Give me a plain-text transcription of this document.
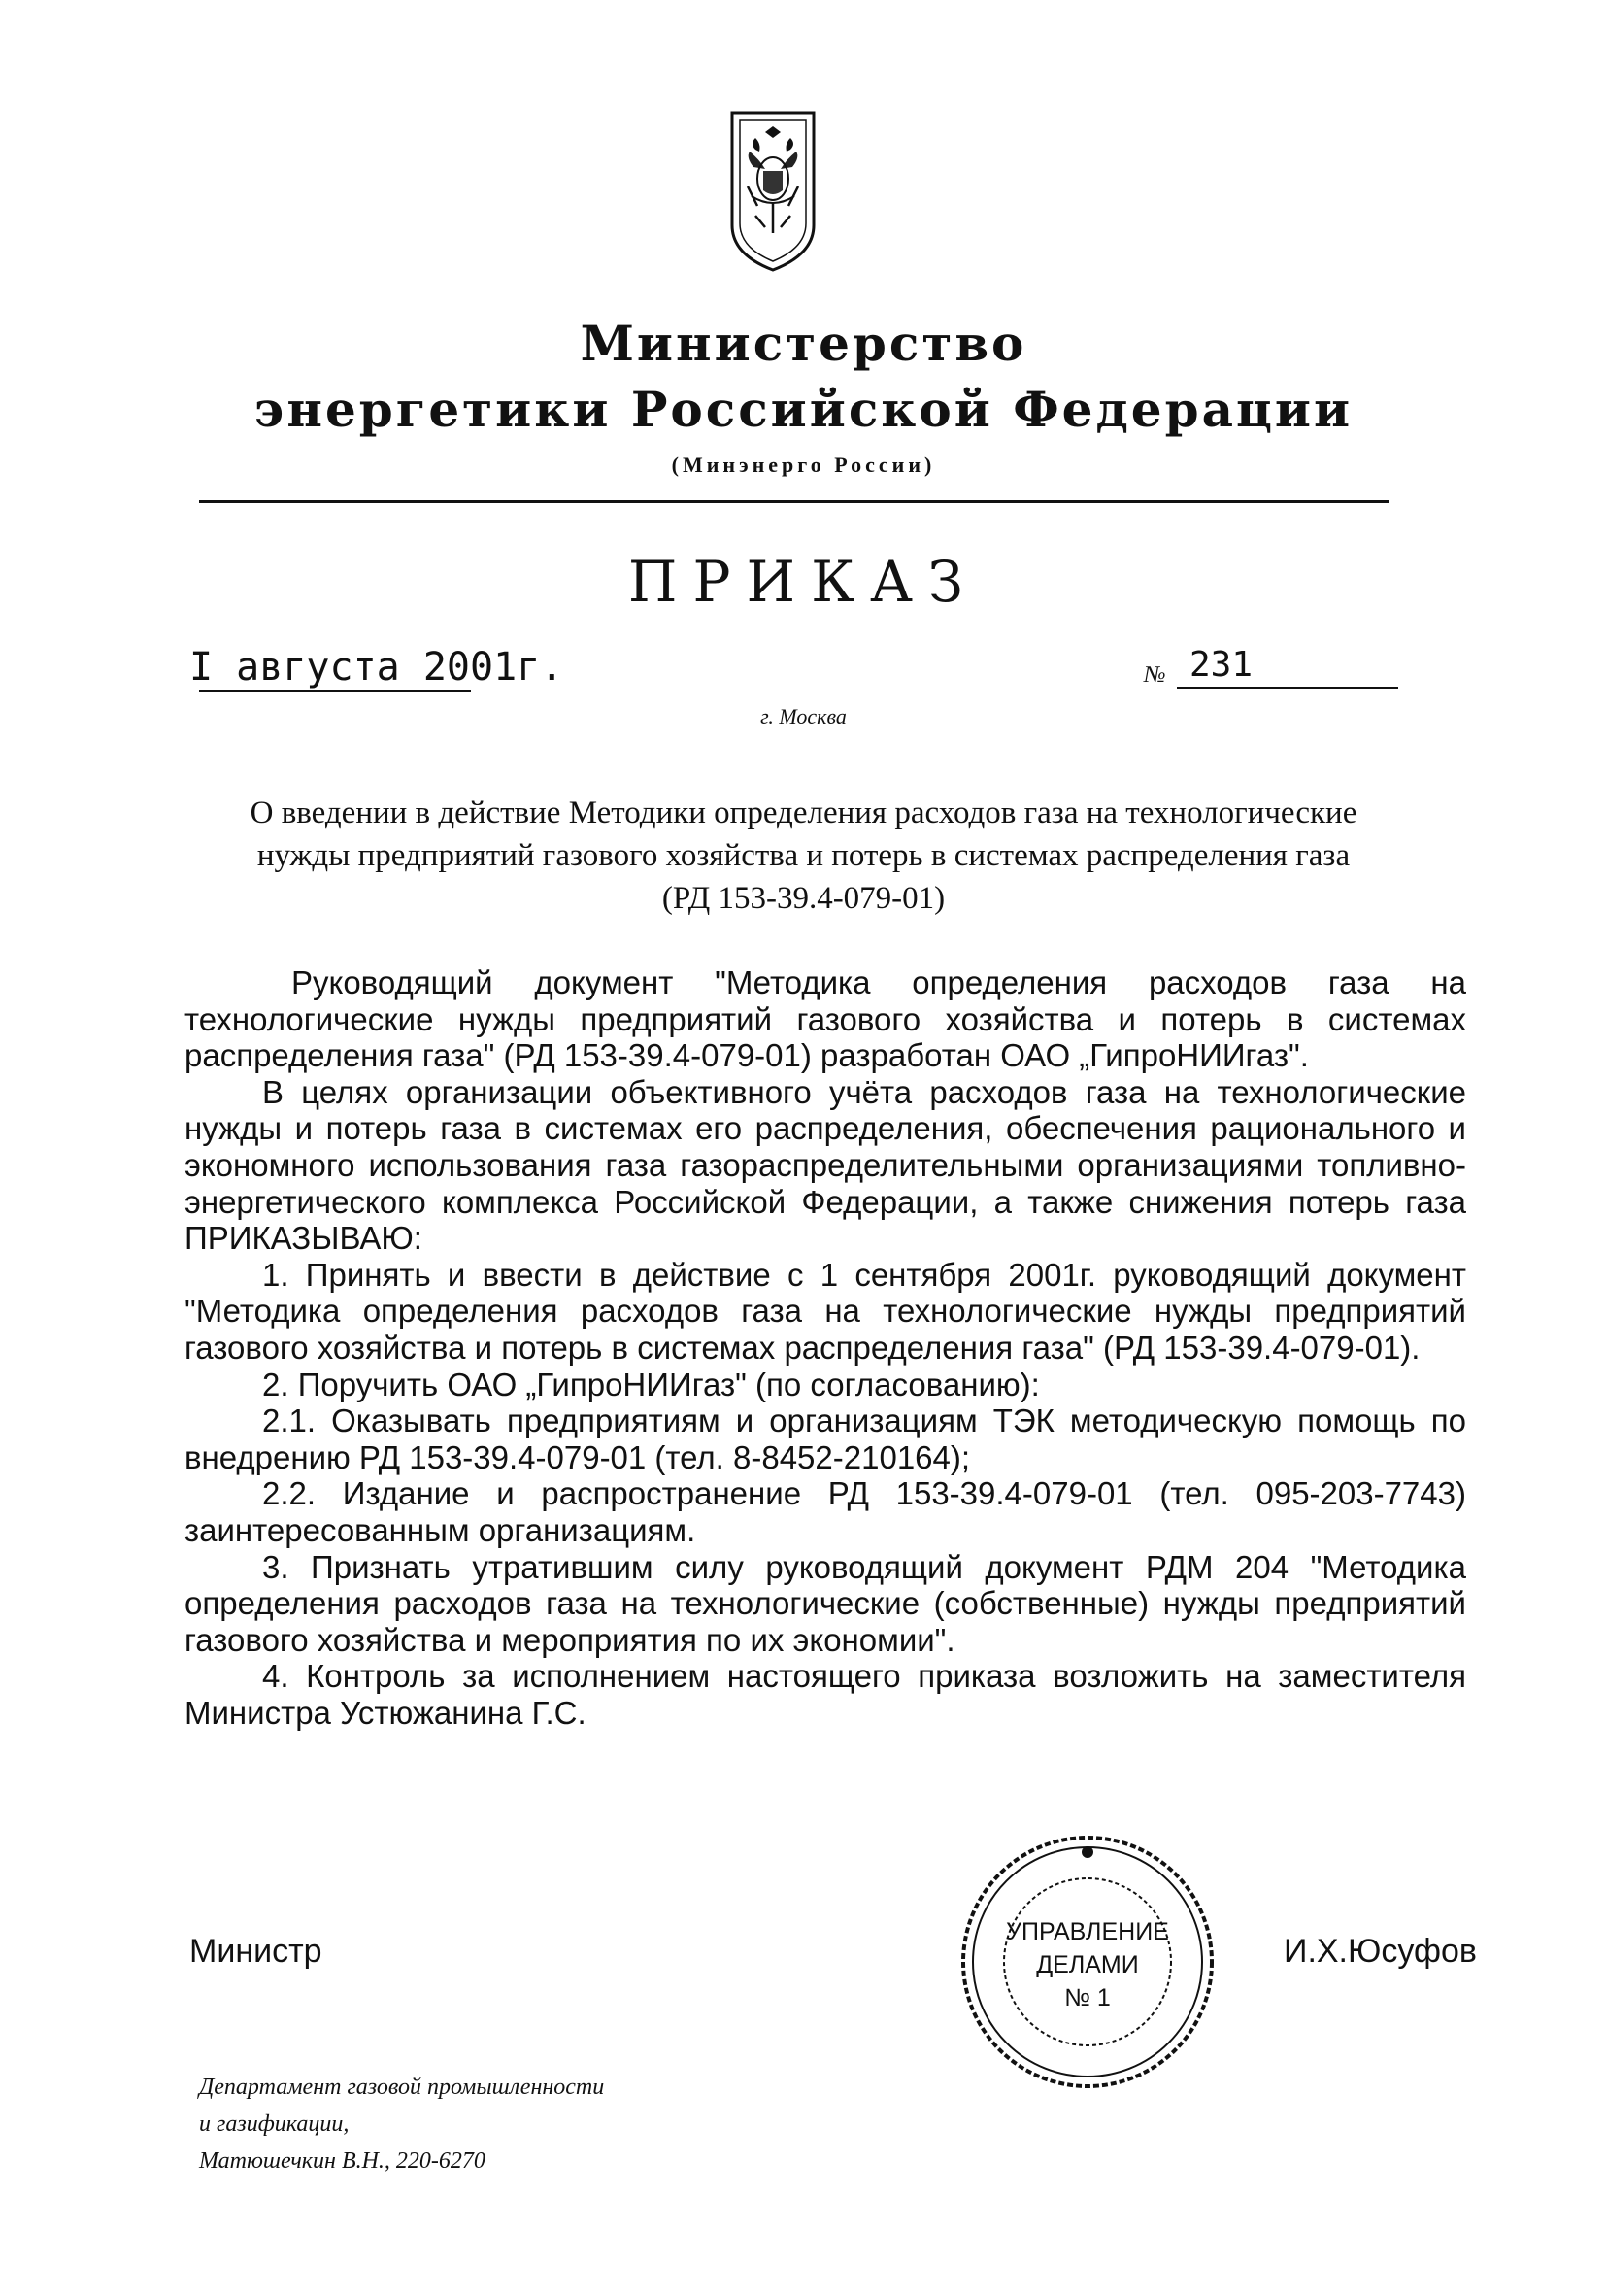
Министерство
энергетики Российской Федерации
(Минэнерго России)
ПРИКАЗ
I августа 2001г.	№ 231
г. Москва
О введении в действие Методики определения расходов газа на технологические
нужды предприятий газового хозяйства и потерь в системах распределения газа
(РД 153-39.4-079-01)

Руководящий документ "Методика определения расходов газа на технологические нужды предприятий газового хозяйства и потерь в системах распределения газа" (РД 153-39.4-079-01) разработан ОАО „ГипроНИИгаз".

В целях организации объективного учёта расходов газа на технологические нужды и потерь газа в системах его распределения, обеспечения рационального и экономного использования газа газораспределительными организациями топливно-энергетического комплекса Российской Федерации, а также снижения потерь газа ПРИКАЗЫВАЮ:

1. Принять и ввести в действие с 1 сентября 2001г. руководящий документ "Методика определения расходов газа на технологические нужды предприятий газового хозяйства и потерь в системах распределения газа" (РД 153-39.4-079-01).

2. Поручить ОАО „ГипроНИИгаз" (по согласованию):

2.1. Оказывать предприятиям и организациям ТЭК методическую помощь по внедрению РД 153-39.4-079-01 (тел. 8-8452-210164);

2.2. Издание и распространение РД 153-39.4-079-01 (тел. 095-203-7743) заинтересованным организациям.

3. Признать утратившим силу руководящий документ РДМ 204 "Методика определения расходов газа на технологические (собственные) нужды предприятий газового хозяйства и мероприятия по их экономии".

4. Контроль за исполнением настоящего приказа возложить на заместителя Министра Устюжанина Г.С.

Министр	И.Х.Юсуфов
УПРАВЛЕНИЕ
ДЕЛАМИ
№ 1
Департамент газовой промышленности
и газификации,
Матюшечкин В.Н., 220-6270
